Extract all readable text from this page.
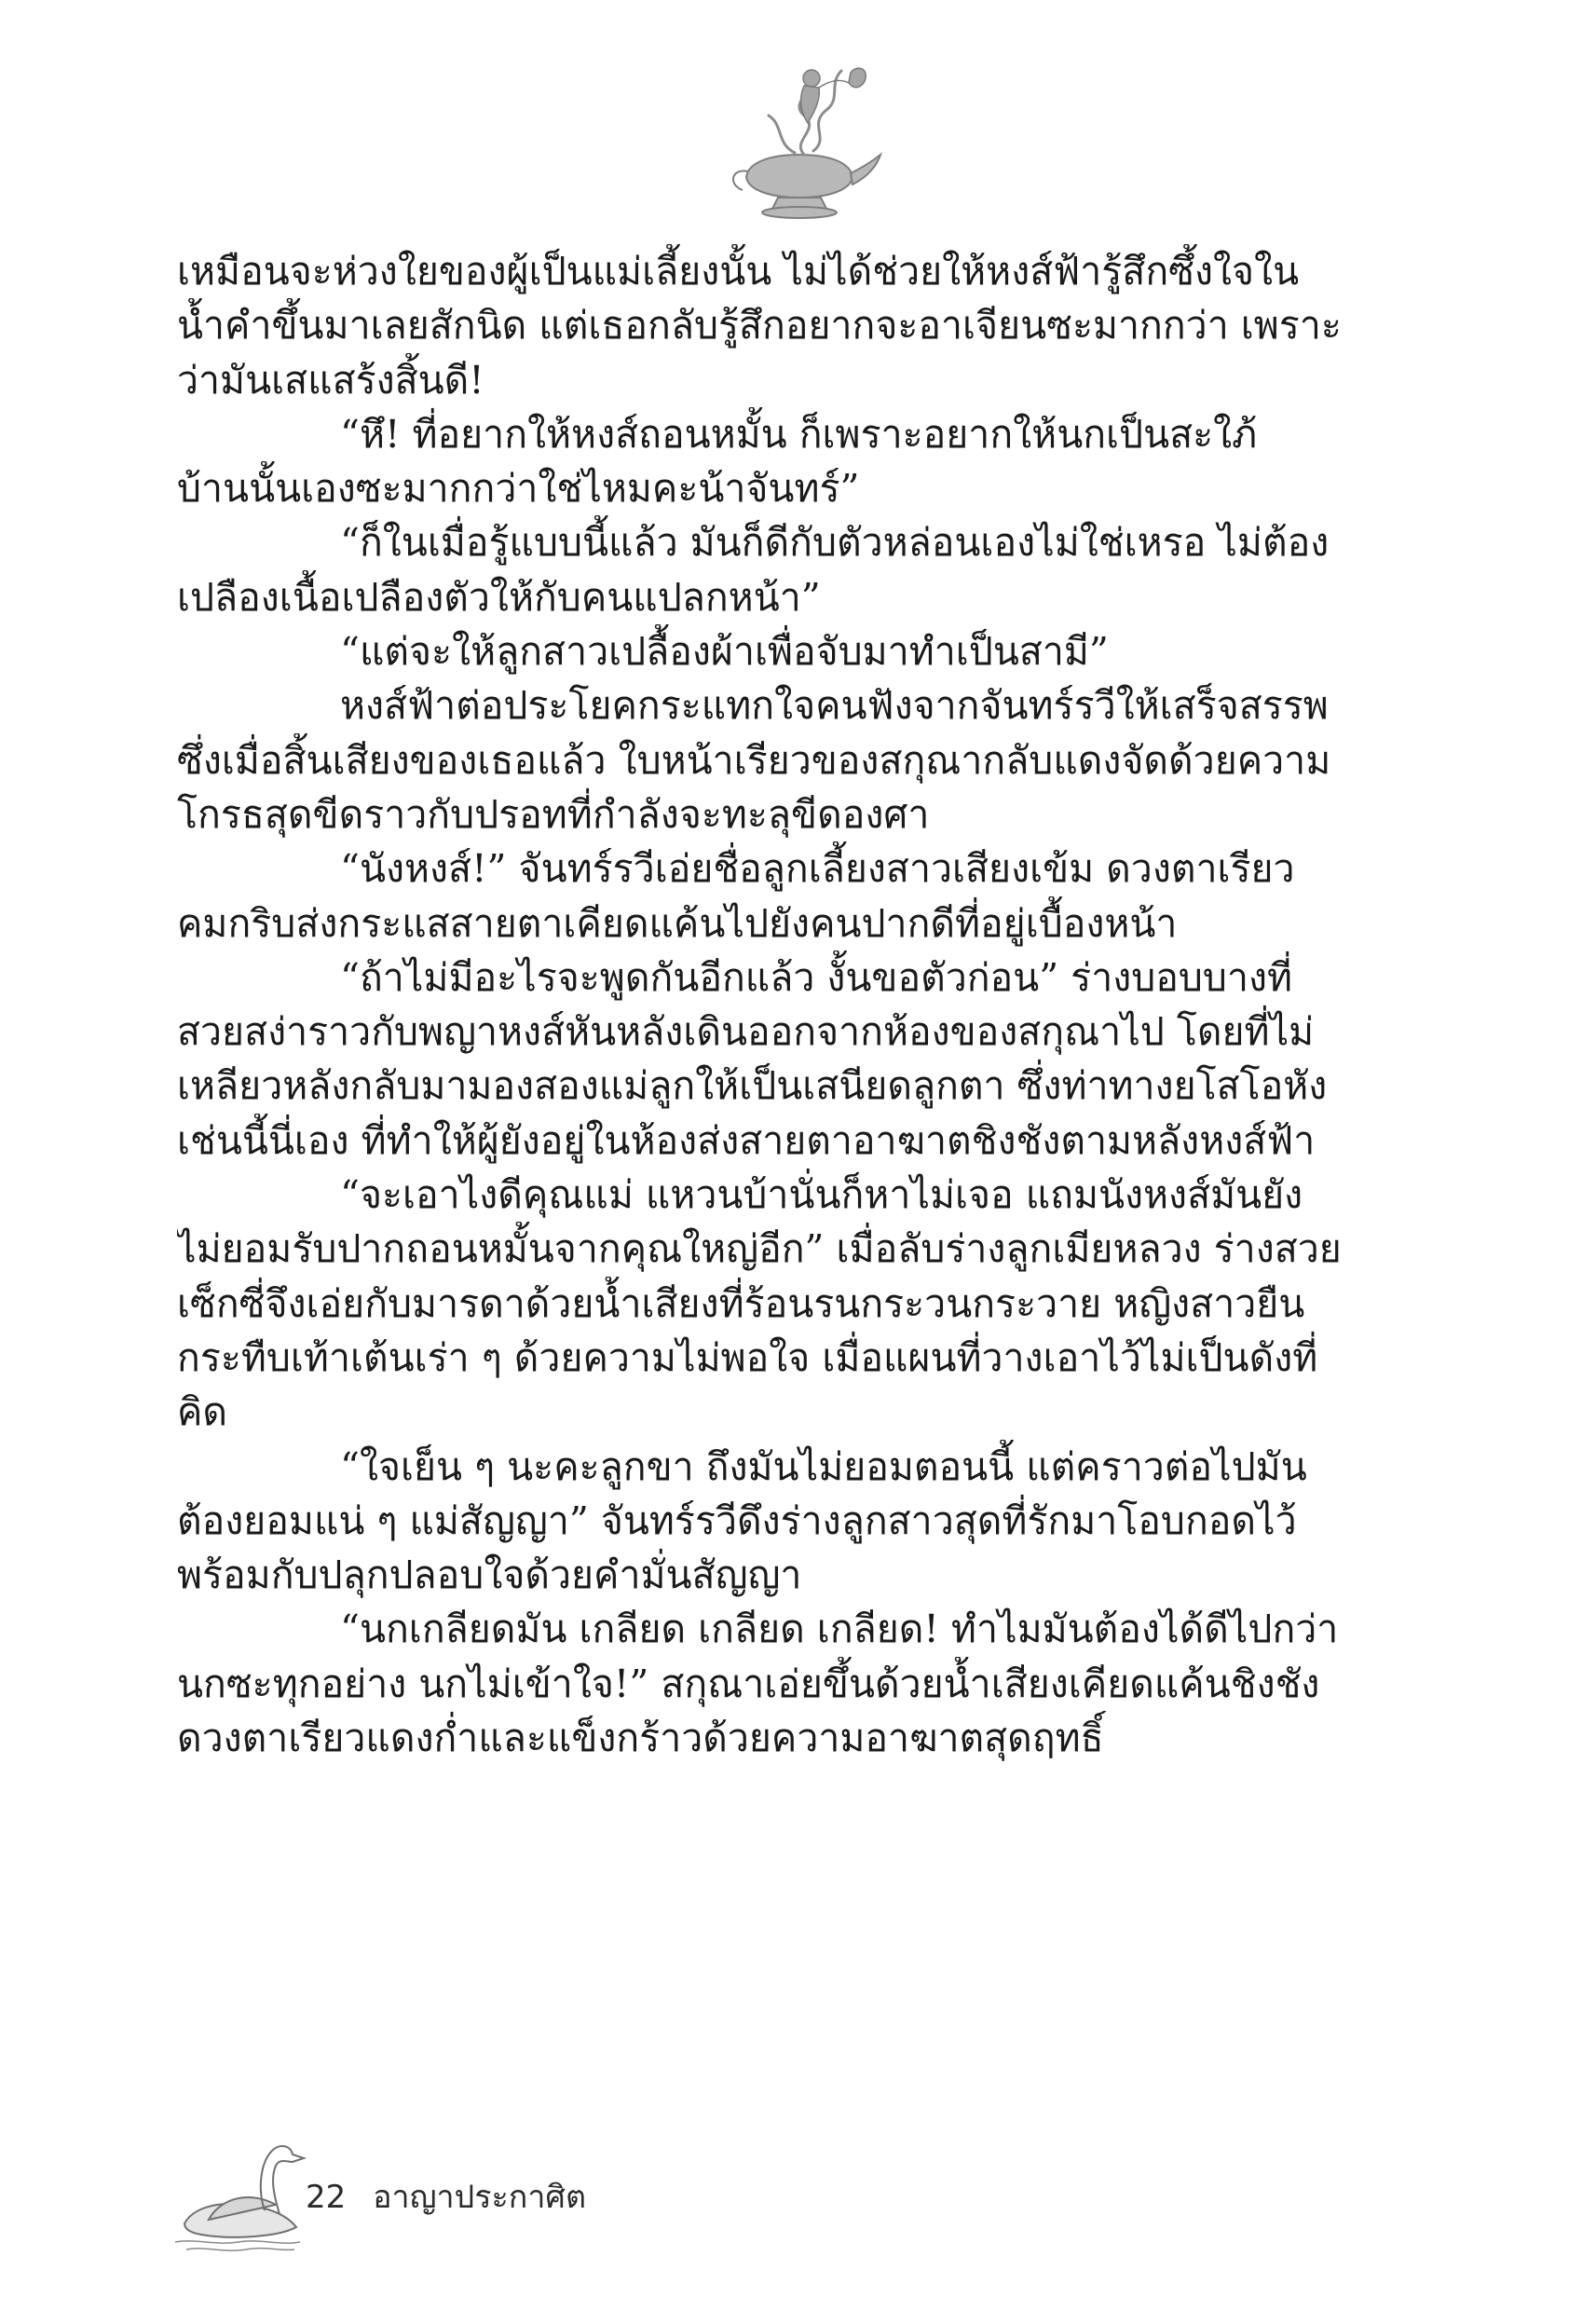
เหมือนจะห่วงใยของผู้เป็นแม่เลี้ยงนั้น ไม่ได้ช่วยให้หงส์ฟ้ารู้สึกซึ้งใจใน
น้ำคำขึ้นมาเลยสักนิด แต่เธอกลับรู้สึกอยากจะอาเจียนซะมากกว่า เพราะ
ว่ามันเสแสร้งสิ้นดี!
“หึ! ที่อยากให้หงส์ถอนหมั้น ก็เพราะอยากให้นกเป็นสะใภ้
บ้านนั้นเองซะมากกว่าใช่ไหมคะน้าจันทร์”
“ก็ในเมื่อรู้แบบนี้แล้ว มันก็ดีกับตัวหล่อนเองไม่ใช่เหรอ ไม่ต้อง
เปลืองเนื้อเปลืองตัวให้กับคนแปลกหน้า”
“แต่จะให้ลูกสาวเปลื้องผ้าเพื่อจับมาทำเป็นสามี”
หงส์ฟ้าต่อประโยคกระแทกใจคนฟังจากจันทร์รวีให้เสร็จสรรพ
ซึ่งเมื่อสิ้นเสียงของเธอแล้ว ใบหน้าเรียวของสกุณากลับแดงจัดด้วยความ
โกรธสุดขีดราวกับปรอทที่กำลังจะทะลุขีดองศา
“นังหงส์!” จันทร์รวีเอ่ยชื่อลูกเลี้ยงสาวเสียงเข้ม ดวงตาเรียว
คมกริบส่งกระแสสายตาเคียดแค้นไปยังคนปากดีที่อยู่เบื้องหน้า
“ถ้าไม่มีอะไรจะพูดกันอีกแล้ว งั้นขอตัวก่อน” ร่างบอบบางที่
สวยสง่าราวกับพญาหงส์หันหลังเดินออกจากห้องของสกุณาไป โดยที่ไม่
เหลียวหลังกลับมามองสองแม่ลูกให้เป็นเสนียดลูกตา ซึ่งท่าทางยโสโอหัง
เช่นนี้นี่เอง ที่ทำให้ผู้ยังอยู่ในห้องส่งสายตาอาฆาตชิงชังตามหลังหงส์ฟ้า
“จะเอาไงดีคุณแม่ แหวนบ้านั่นก็หาไม่เจอ แถมนังหงส์มันยัง
ไม่ยอมรับปากถอนหมั้นจากคุณใหญ่อีก” เมื่อลับร่างลูกเมียหลวง ร่างสวย
เซ็กซี่จึงเอ่ยกับมารดาด้วยน้ำเสียงที่ร้อนรนกระวนกระวาย หญิงสาวยืน
กระทืบเท้าเต้นเร่า ๆ ด้วยความไม่พอใจ เมื่อแผนที่วางเอาไว้ไม่เป็นดังที่
คิด
“ใจเย็น ๆ นะคะลูกขา ถึงมันไม่ยอมตอนนี้ แต่คราวต่อไปมัน
ต้องยอมแน่ ๆ แม่สัญญา” จันทร์รวีดึงร่างลูกสาวสุดที่รักมาโอบกอดไว้
พร้อมกับปลุกปลอบใจด้วยคำมั่นสัญญา
“นกเกลียดมัน เกลียด เกลียด เกลียด! ทำไมมันต้องได้ดีไปกว่า
นกซะทุกอย่าง นกไม่เข้าใจ!” สกุณาเอ่ยขึ้นด้วยน้ำเสียงเคียดแค้นชิงชัง
ดวงตาเรียวแดงก่ำและแข็งกร้าวด้วยความอาฆาตสุดฤทธิ์
22 อาญาประกาศิต
